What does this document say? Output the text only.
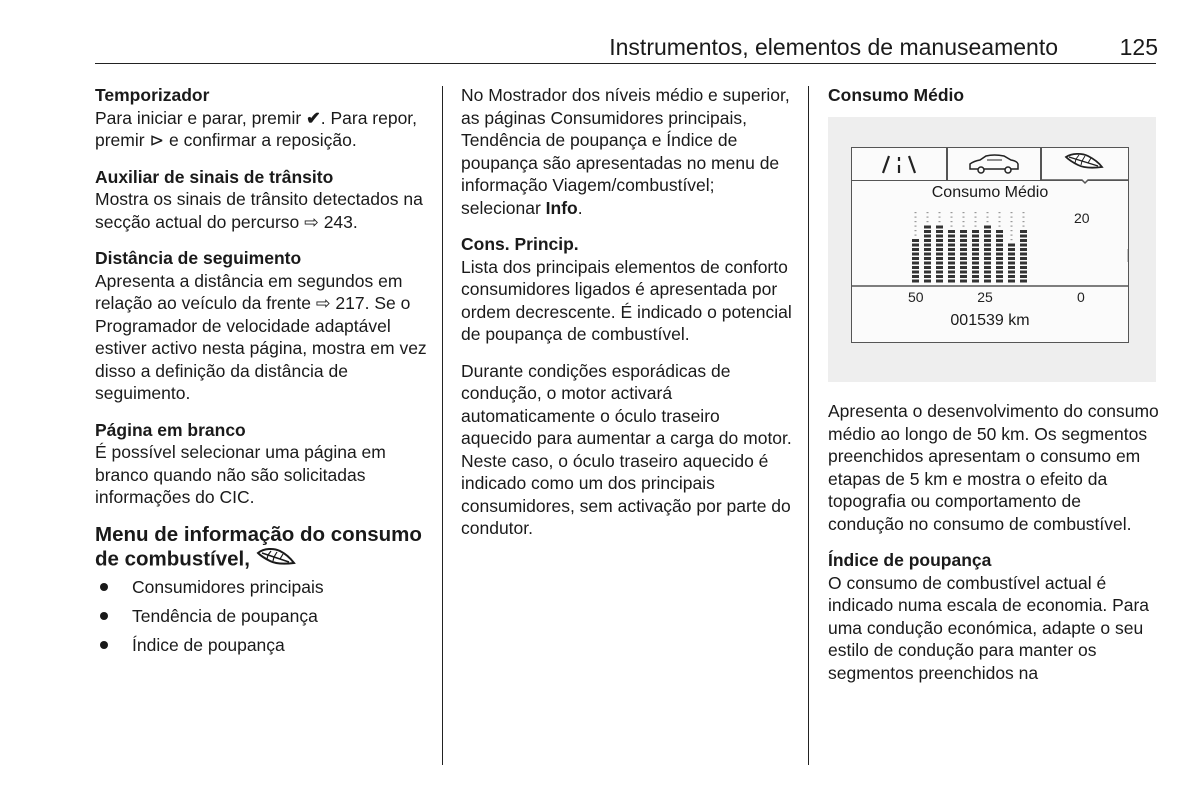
Instrumentos, elementos de manuseamento	125

Temporizador

Para iniciar e parar, premir ✔. Para repor, premir ⊳ e confirmar a reposição.

Auxiliar de sinais de trânsito

Mostra os sinais de trânsito detectados na secção actual do percurso ⇨ 243.

Distância de seguimento

Apresenta a distância em segundos em relação ao veículo da frente ⇨ 217. Se o Programador de velocidade adaptável estiver activo nesta página, mostra em vez disso a definição da distância de seguimento.

Página em branco

É possível selecionar uma página em branco quando não são solicitadas informações do CIC.

Menu de informação do consumo de combustível,

Consumidores principais
Tendência de poupança
Índice de poupança

No Mostrador dos níveis médio e superior, as páginas Consumidores principais, Tendência de poupança e Índice de poupança são apresentadas no menu de informação Viagem/combustível; selecionar Info.

Cons. Princip.

Lista dos principais elementos de conforto consumidores ligados é apresentada por ordem decrescente. É indicado o potencial de poupança de combustível.

Durante condições esporádicas de condução, o motor activará automaticamente o óculo traseiro aquecido para aumentar a carga do motor. Neste caso, o óculo traseiro aquecido é indicado como um dos principais consumidores, sem activação por parte do condutor.

Consumo Médio

Consumo Médio
20
50	25	0
001539 km

Apresenta o desenvolvimento do consumo médio ao longo de 50 km. Os segmentos preenchidos apresentam o consumo em etapas de 5 km e mostra o efeito da topografia ou comportamento de condução no consumo de combustível.

Índice de poupança

O consumo de combustível actual é indicado numa escala de economia. Para uma condução económica, adapte o seu estilo de condução para manter os segmentos preenchidos na
